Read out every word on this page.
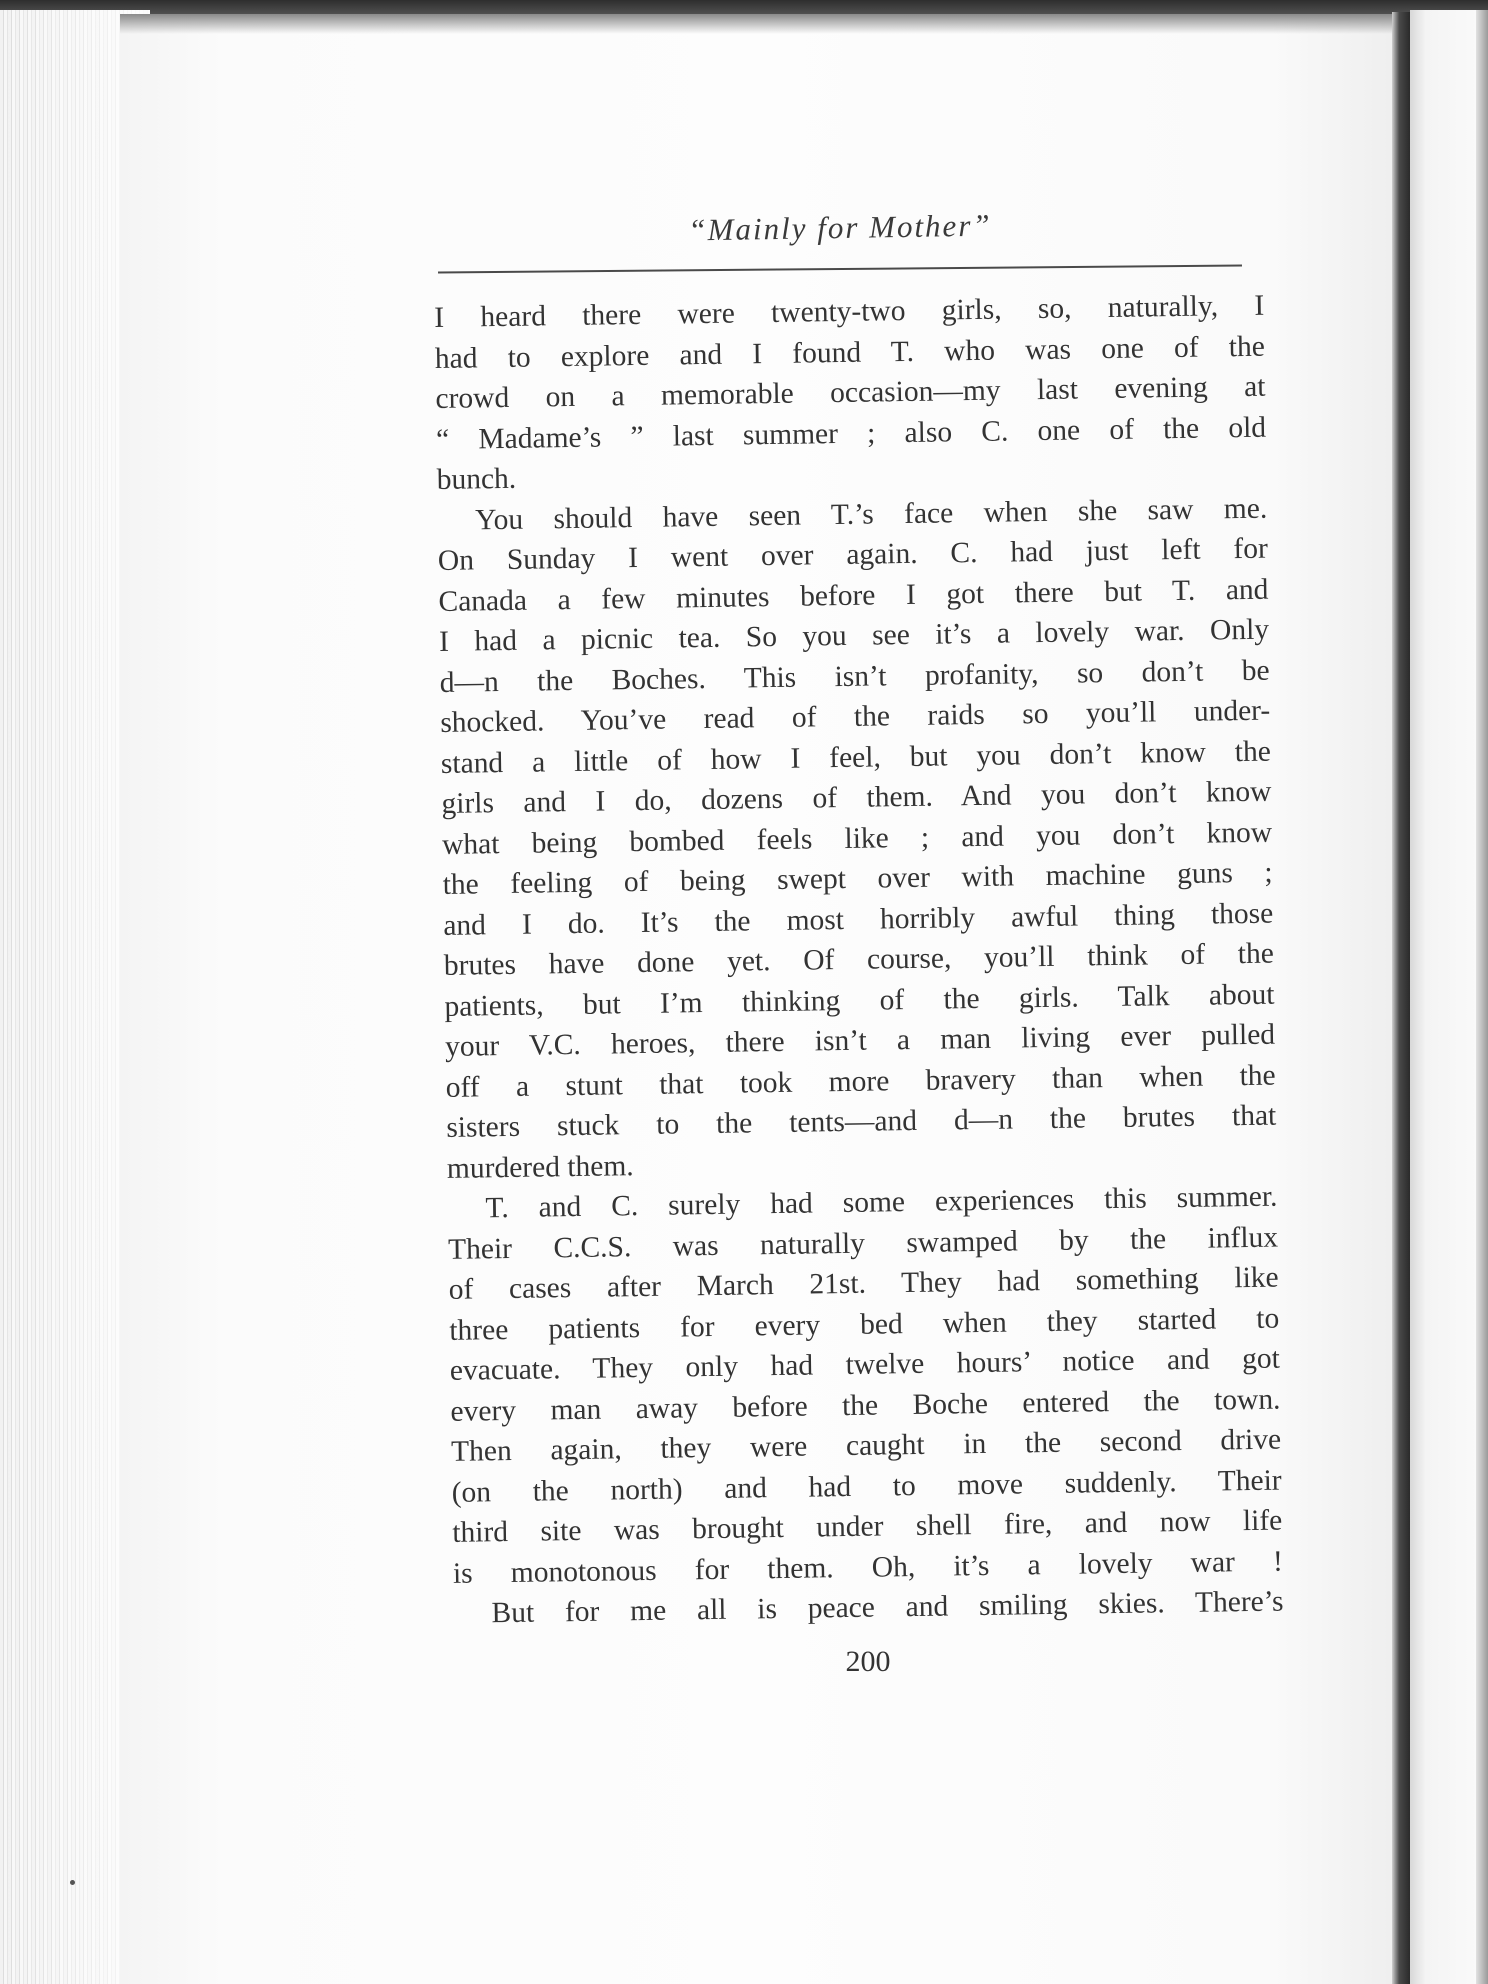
“Mainly for Mother”
I heard there were twenty-two girls, so, naturally, I
had to explore and I found T. who was one of the
crowd on a memorable occasion—my last evening at
“ Madame’s ” last summer ; also C. one of the old
bunch.
You should have seen T.’s face when she saw me.
On Sunday I went over again. C. had just left for
Canada a few minutes before I got there but T. and
I had a picnic tea. So you see it’s a lovely war. Only
d—n the Boches. This isn’t profanity, so don’t be
shocked. You’ve read of the raids so you’ll under-
stand a little of how I feel, but you don’t know the
girls and I do, dozens of them. And you don’t know
what being bombed feels like ; and you don’t know
the feeling of being swept over with machine guns ;
and I do. It’s the most horribly awful thing those
brutes have done yet. Of course, you’ll think of the
patients, but I’m thinking of the girls. Talk about
your V.C. heroes, there isn’t a man living ever pulled
off a stunt that took more bravery than when the
sisters stuck to the tents—and d—n the brutes that
murdered them.
T. and C. surely had some experiences this summer.
Their C.C.S. was naturally swamped by the influx
of cases after March 21st. They had something like
three patients for every bed when they started to
evacuate. They only had twelve hours’ notice and got
every man away before the Boche entered the town.
Then again, they were caught in the second drive
(on the north) and had to move suddenly. Their
third site was brought under shell fire, and now life
is monotonous for them. Oh, it’s a lovely war !
But for me all is peace and smiling skies. There’s
200
